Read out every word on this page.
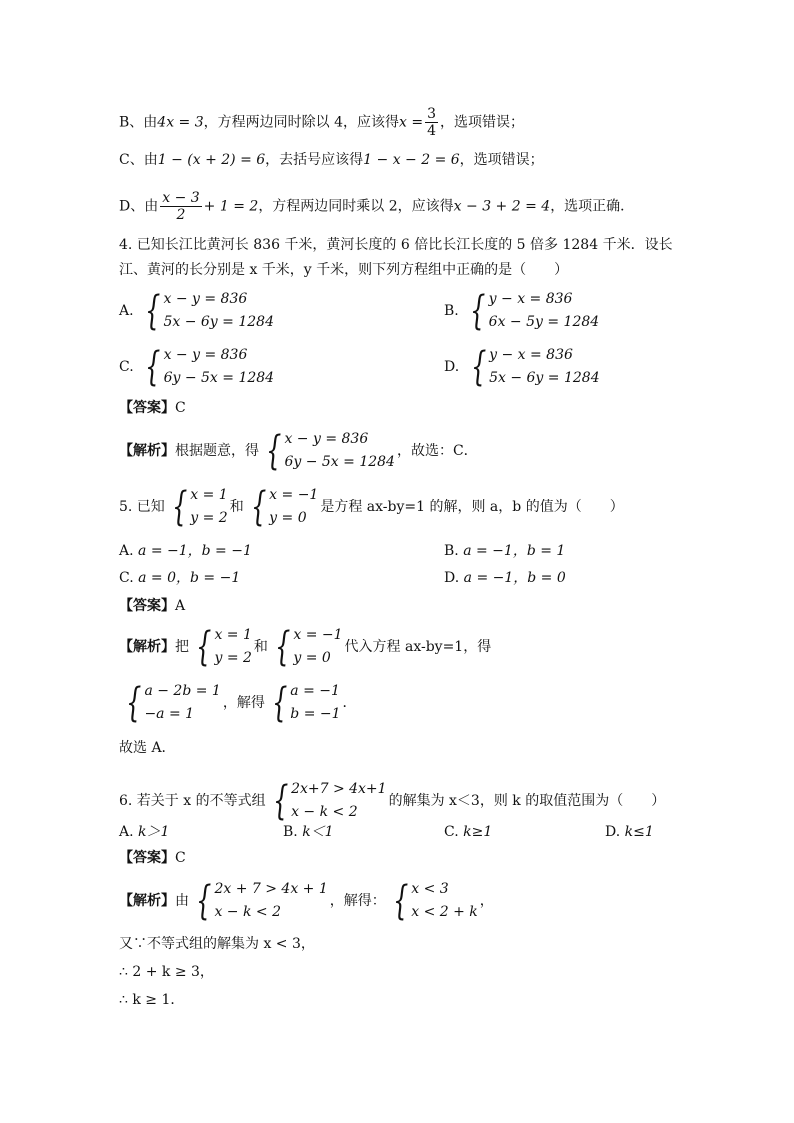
B、由4x = 3，方程两边同时除以 4，应该得$x = \frac{3}{4}$ ，选项错误；
C、由1 − (x + 2) = 6，去括号应该得1 − x − 2 = 6，选项错误；
D、由 $\frac{x - 3}{2} + 1 = 2$，方程两边同时乘以 2，应该得x − 3 + 2 = 4，选项正确．
4. 已知长江比黄河长 836 千米，黄河长度的 6 倍比长江长度的 5 倍多 1284 千米．设长
江、黄河的长分别是 x 千米，y 千米，则下列方程组中正确的是（　　）
A. { x − y = 836
5x − 6y = 1284
B. { y − x = 836
6x − 5y = 1284
C. { x − y = 836
6y − 5x = 1284
D. { y − x = 836
5x − 6y = 1284
【答案】C
【解析】根据题意，得 { x − y = 836
6y − 5x = 1284
，故选：C．
5. 已知 { x = 1
y = 2
和 { x = −1
y = 0
是方程 ax-by=1 的解，则 a，b 的值为（　　）
A. a = −1，b = −1	B. a = −1，b = 1
C. a = 0，b = −1	D. a = −1，b = 0
【答案】A
【解析】把 { x = 1
y = 2
和 { x = −1
y = 0
代入方程 ax-by=1，得
{ a − 2b = 1
−a = 1
，解得 { a = −1
b = −1
．
故选 A．
6. 若关于 x 的不等式组 { 2x+7 > 4x+1
x − k < 2
的解集为 x＜3，则 k 的取值范围为（　　）
A. k＞1	B. k＜1	C. k≥1	D. k≤1
【答案】C
【解析】由 { 2x + 7 > 4x + 1
x − k < 2
，解得： { x < 3
x < 2 + k
，
又∵不等式组的解集为 x < 3，
∴ 2 + k ≥ 3，
∴ k ≥ 1．
